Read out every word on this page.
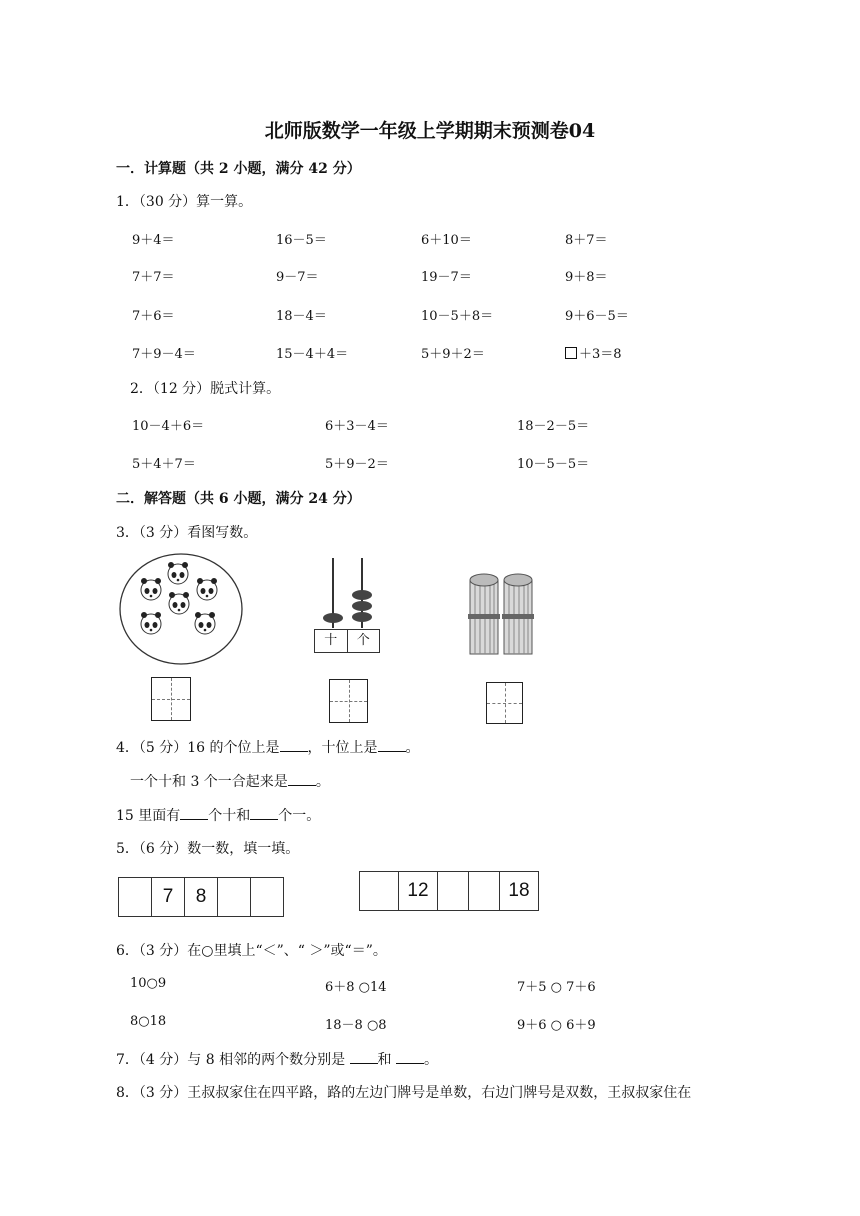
北师版数学一年级上学期期末预测卷04
一．计算题（共 2 小题，满分 42 分）
1．（30 分）算一算。
9＋4＝	16－5＝	6＋10＝	8＋7＝
7＋7＝	9－7＝	19－7＝	9＋8＝
7＋6＝	18－4＝	10－5＋8＝	9＋6－5＝
7＋9－4＝	15－4＋4＝	5＋9＋2＝	＋3＝8
2．（12 分）脱式计算。
10－4＋6＝	6＋3－4＝	18－2－5＝
5＋4＋7＝	5＋9－2＝	10－5－5＝
二．解答题（共 6 小题，满分 24 分）
3．（3 分）看图写数。
十	个
4．（5 分）16 的个位上是 ，十位上是 。
一个十和 3 个一合起来是 。
15 里面有 个十和 个一。
5．（6 分）数一数，填一填。
7	8	12	18
6．（3 分）在○里填上“＜”、“ ＞”或“＝”。
10○9	6＋8 ○14	7＋5 ○ 7＋6
8○18	18－8 ○8	9＋6 ○ 6＋9
7．（4 分）与 8 相邻的两个数分别是 和 。
8．（3 分）王叔叔家住在四平路，路的左边门牌号是单数，右边门牌号是双数，王叔叔家住在
